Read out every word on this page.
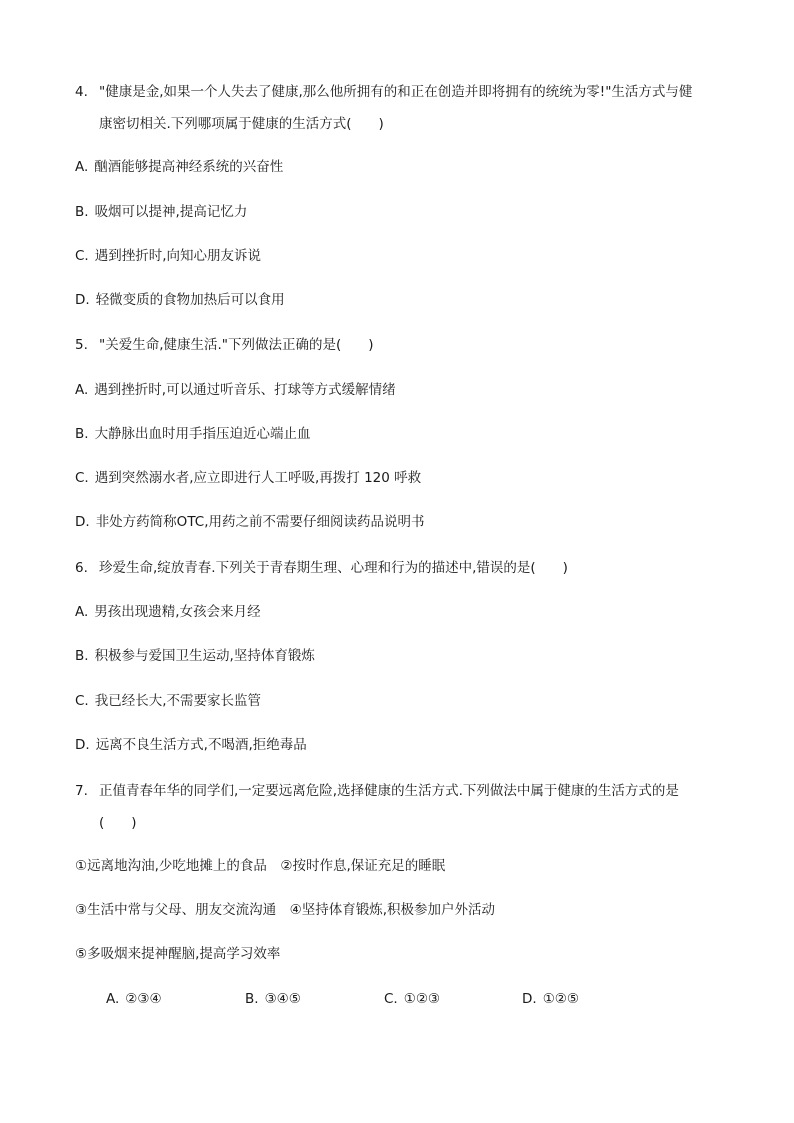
4. "健康是金,如果一个人失去了健康,那么他所拥有的和正在创造并即将拥有的统统为零!"生活方式与健
康密切相关.下列哪项属于健康的生活方式(　　)
A. 酗酒能够提高神经系统的兴奋性
B. 吸烟可以提神,提高记忆力
C. 遇到挫折时,向知心朋友诉说
D. 轻微变质的食物加热后可以食用
5. "关爱生命,健康生活."下列做法正确的是(　　)
A. 遇到挫折时,可以通过听音乐、打球等方式缓解情绪
B. 大静脉出血时用手指压迫近心端止血
C. 遇到突然溺水者,应立即进行人工呼吸,再拨打 120 呼救
D. 非处方药简称OTC,用药之前不需要仔细阅读药品说明书
6. 珍爱生命,绽放青春.下列关于青春期生理、心理和行为的描述中,错误的是(　　)
A. 男孩出现遗精,女孩会来月经
B. 积极参与爱国卫生运动,坚持体育锻炼
C. 我已经长大,不需要家长监管
D. 远离不良生活方式,不喝酒,拒绝毒品
7. 正值青春年华的同学们,一定要远离危险,选择健康的生活方式.下列做法中属于健康的生活方式的是
(　　)
①远离地沟油,少吃地摊上的食品　②按时作息,保证充足的睡眠
③生活中常与父母、朋友交流沟通　④坚持体育锻炼,积极参加户外活动
⑤多吸烟来提神醒脑,提高学习效率
A. ②③④	B. ③④⑤	C. ①②③	D. ①②⑤
